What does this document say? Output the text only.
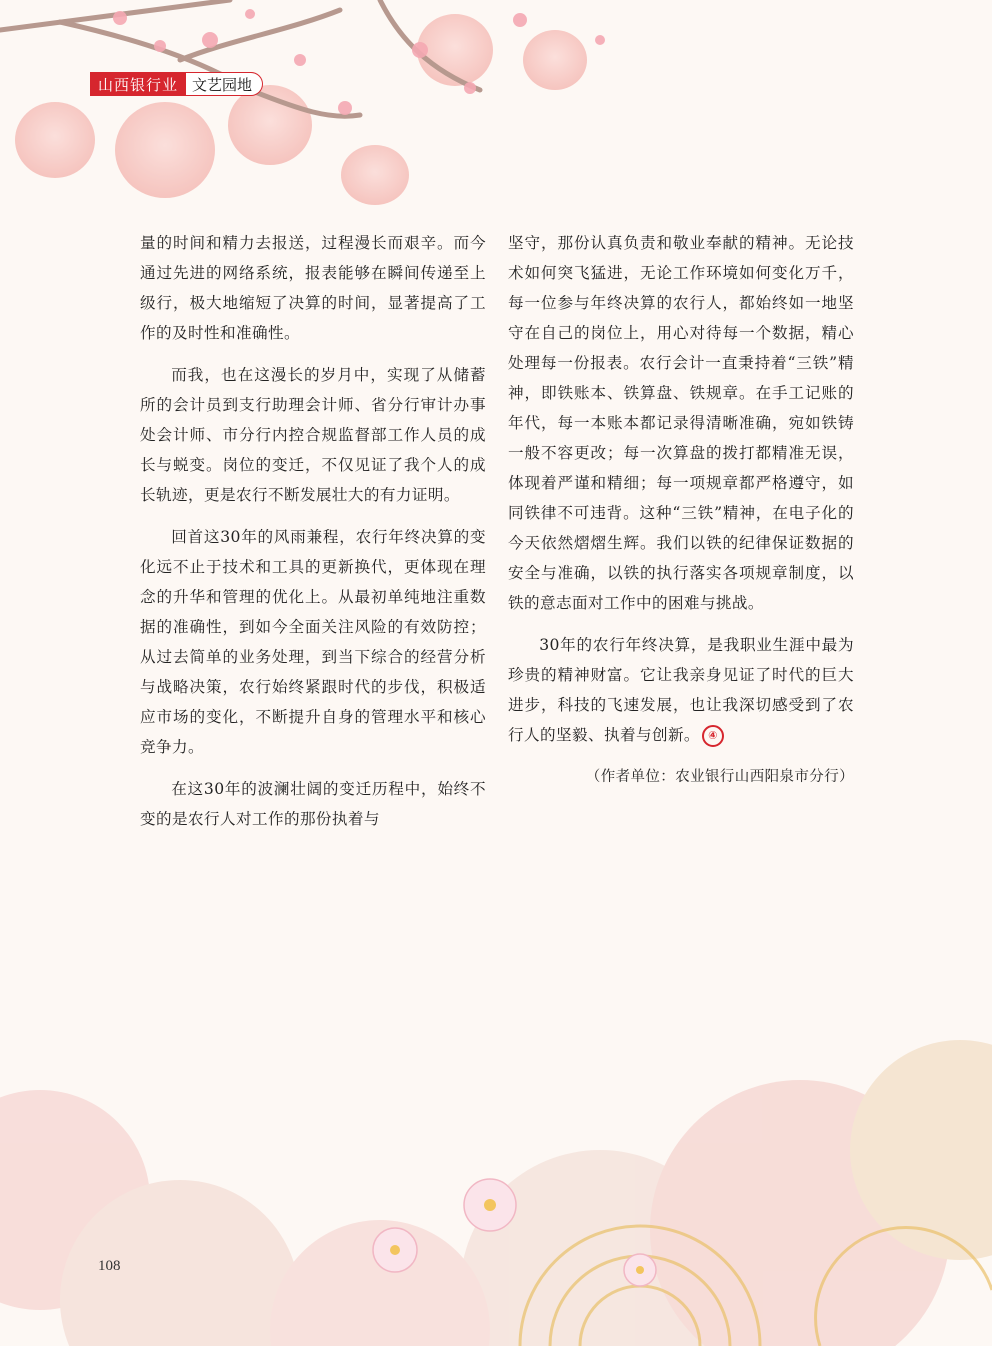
山西银行业 文艺园地

量的时间和精力去报送，过程漫长而艰辛。而今通过先进的网络系统，报表能够在瞬间传递至上级行，极大地缩短了决算的时间，显著提高了工作的及时性和准确性。

而我，也在这漫长的岁月中，实现了从储蓄所的会计员到支行助理会计师、省分行审计办事处会计师、市分行内控合规监督部工作人员的成长与蜕变。岗位的变迁，不仅见证了我个人的成长轨迹，更是农行不断发展壮大的有力证明。

回首这30年的风雨兼程，农行年终决算的变化远不止于技术和工具的更新换代，更体现在理念的升华和管理的优化上。从最初单纯地注重数据的准确性，到如今全面关注风险的有效防控；从过去简单的业务处理，到当下综合的经营分析与战略决策，农行始终紧跟时代的步伐，积极适应市场的变化，不断提升自身的管理水平和核心竞争力。

在这30年的波澜壮阔的变迁历程中，始终不变的是农行人对工作的那份执着与

坚守，那份认真负责和敬业奉献的精神。无论技术如何突飞猛进，无论工作环境如何变化万千，每一位参与年终决算的农行人，都始终如一地坚守在自己的岗位上，用心对待每一个数据，精心处理每一份报表。农行会计一直秉持着“三铁”精神，即铁账本、铁算盘、铁规章。在手工记账的年代，每一本账本都记录得清晰准确，宛如铁铸一般不容更改；每一次算盘的拨打都精准无误，体现着严谨和精细；每一项规章都严格遵守，如同铁律不可违背。这种“三铁”精神，在电子化的今天依然熠熠生辉。我们以铁的纪律保证数据的安全与准确，以铁的执行落实各项规章制度，以铁的意志面对工作中的困难与挑战。

30年的农行年终决算，是我职业生涯中最为珍贵的精神财富。它让我亲身见证了时代的巨大进步，科技的飞速发展，也让我深切感受到了农行人的坚毅、执着与创新。 ④

（作者单位：农业银行山西阳泉市分行）

108
